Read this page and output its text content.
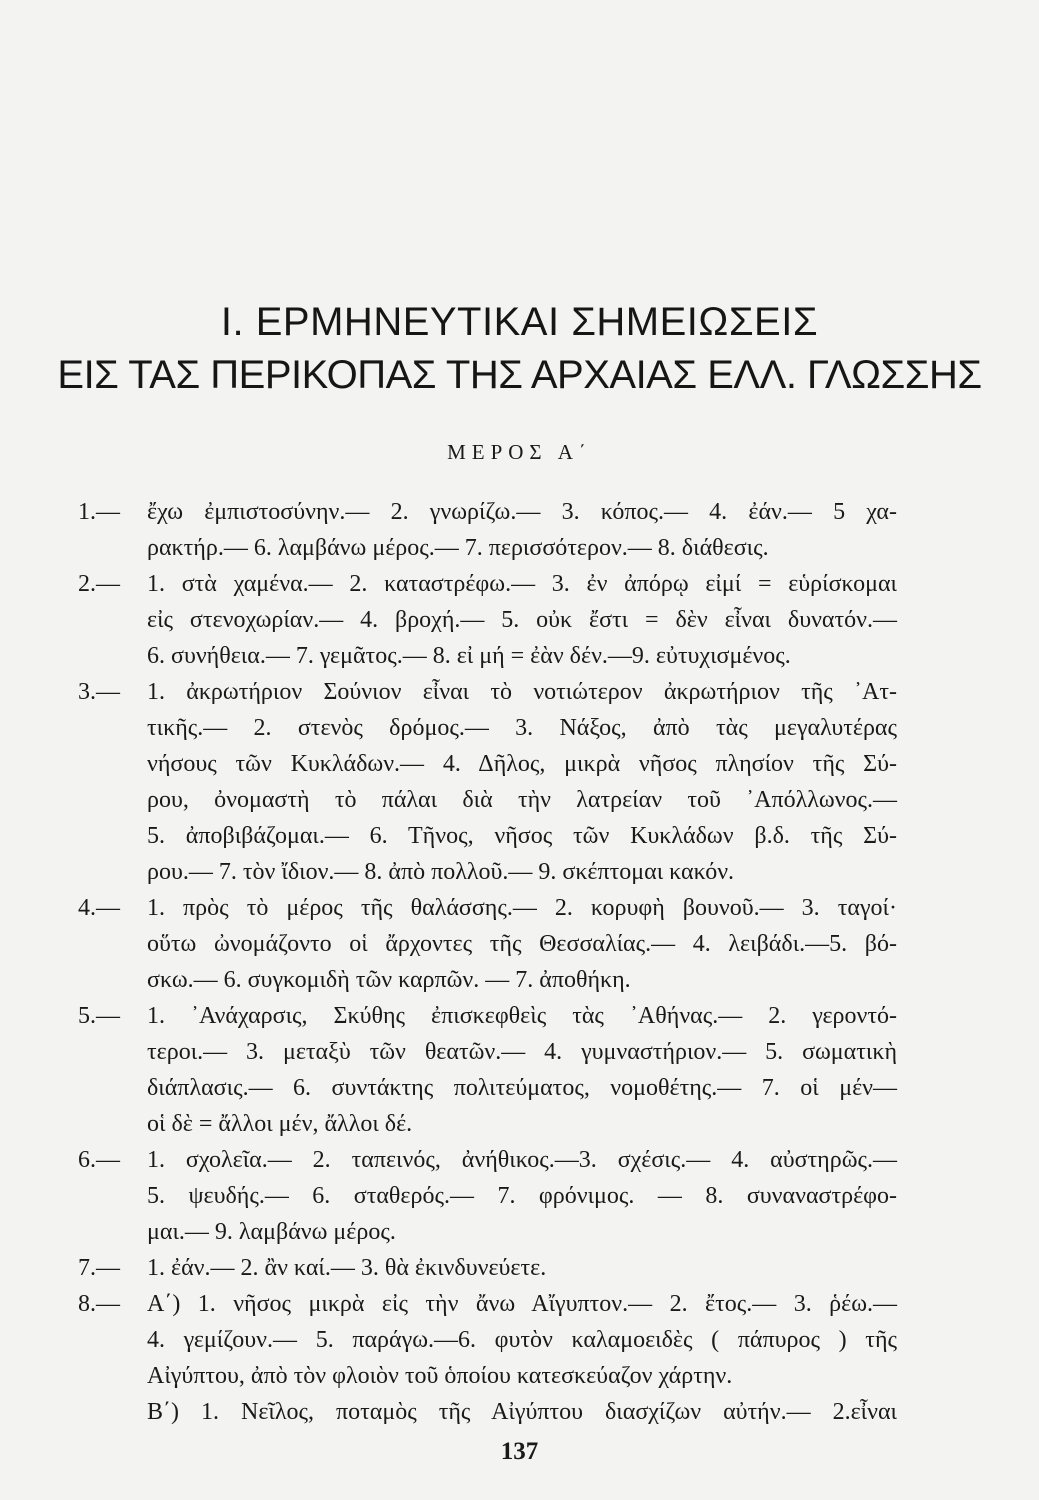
I. ΕΡΜΗΝΕΥΤΙΚΑΙ ΣΗΜΕΙΩΣΕΙΣ
ΕΙΣ ΤΑΣ ΠΕΡΙΚΟΠΑΣ ΤΗΣ ΑΡΧΑΙΑΣ ΕΛΛ. ΓΛΩΣΣΗΣ
ΜΕΡΟΣ Α΄
1.— ἔχω ἐμπιστοσύνην.— 2. γνωρίζω.— 3. κόπος.— 4. ἐάν.— 5 χα-
ρακτήρ.— 6. λαμβάνω μέρος.— 7. περισσότερον.— 8. διάθεσις.
2.— 1. στὰ χαμένα.— 2. καταστρέφω.— 3. ἐν ἀπόρῳ εἰμί = εὑρίσκομαι
εἰς στενοχωρίαν.— 4. βροχή.— 5. οὐκ ἔστι = δὲν εἶναι δυνατόν.—
6. συνήθεια.— 7. γεμᾶτος.— 8. εἰ μή = ἐὰν δέν.—9. εὐτυχισμένος.
3.— 1. ἀκρωτήριον Σούνιον εἶναι τὸ νοτιώτερον ἀκρωτήριον τῆς ᾽Ατ-
τικῆς.— 2. στενὸς δρόμος.— 3. Νάξος, ἀπὸ τὰς μεγαλυτέρας
νήσους τῶν Κυκλάδων.— 4. Δῆλος, μικρὰ νῆσος πλησίον τῆς Σύ-
ρου, ὀνομαστὴ τὸ πάλαι διὰ τὴν λατρείαν τοῦ ᾽Απόλλωνος.—
5. ἀποβιβάζομαι.— 6. Τῆνος, νῆσος τῶν Κυκλάδων β.δ. τῆς Σύ-
ρου.— 7. τὸν ἴδιον.— 8. ἀπὸ πολλοῦ.— 9. σκέπτομαι κακόν.
4.— 1. πρὸς τὸ μέρος τῆς θαλάσσης.— 2. κορυφὴ βουνοῦ.— 3. ταγοί·
οὕτω ὠνομάζοντο οἱ ἄρχοντες τῆς Θεσσαλίας.— 4. λειβάδι.—5. βό-
σκω.— 6. συγκομιδὴ τῶν καρπῶν. — 7. ἀποθήκη.
5.— 1. ᾽Ανάχαρσις, Σκύθης ἐπισκεφθεὶς τὰς ᾽Αθήνας.— 2. γεροντό-
τεροι.— 3. μεταξὺ τῶν θεατῶν.— 4. γυμναστήριον.— 5. σωματικὴ
διάπλασις.— 6. συντάκτης πολιτεύματος, νομοθέτης.— 7. οἱ μέν—
οἱ δὲ = ἄλλοι μέν, ἄλλοι δέ.
6.— 1. σχολεῖα.— 2. ταπεινός, ἀνήθικος.—3. σχέσις.— 4. αὐστηρῶς.—
5. ψευδής.— 6. σταθερός.— 7. φρόνιμος. — 8. συναναστρέφο-
μαι.— 9. λαμβάνω μέρος.
7.— 1. ἐάν.— 2. ἂν καί.— 3. θὰ ἐκινδυνεύετε.
8.— Α΄) 1. νῆσος μικρὰ εἰς τὴν ἄνω Αἴγυπτον.— 2. ἔτος.— 3. ῥέω.—
4. γεμίζουν.— 5. παράγω.—6. φυτὸν καλαμοειδὲς ( πάπυρος ) τῆς
Αἰγύπτου, ἀπὸ τὸν φλοιὸν τοῦ ὁποίου κατεσκεύαζον χάρτην.
Β΄) 1. Νεῖλος, ποταμὸς τῆς Αἰγύπτου διασχίζων αὐτήν.— 2.εἶναι
137
